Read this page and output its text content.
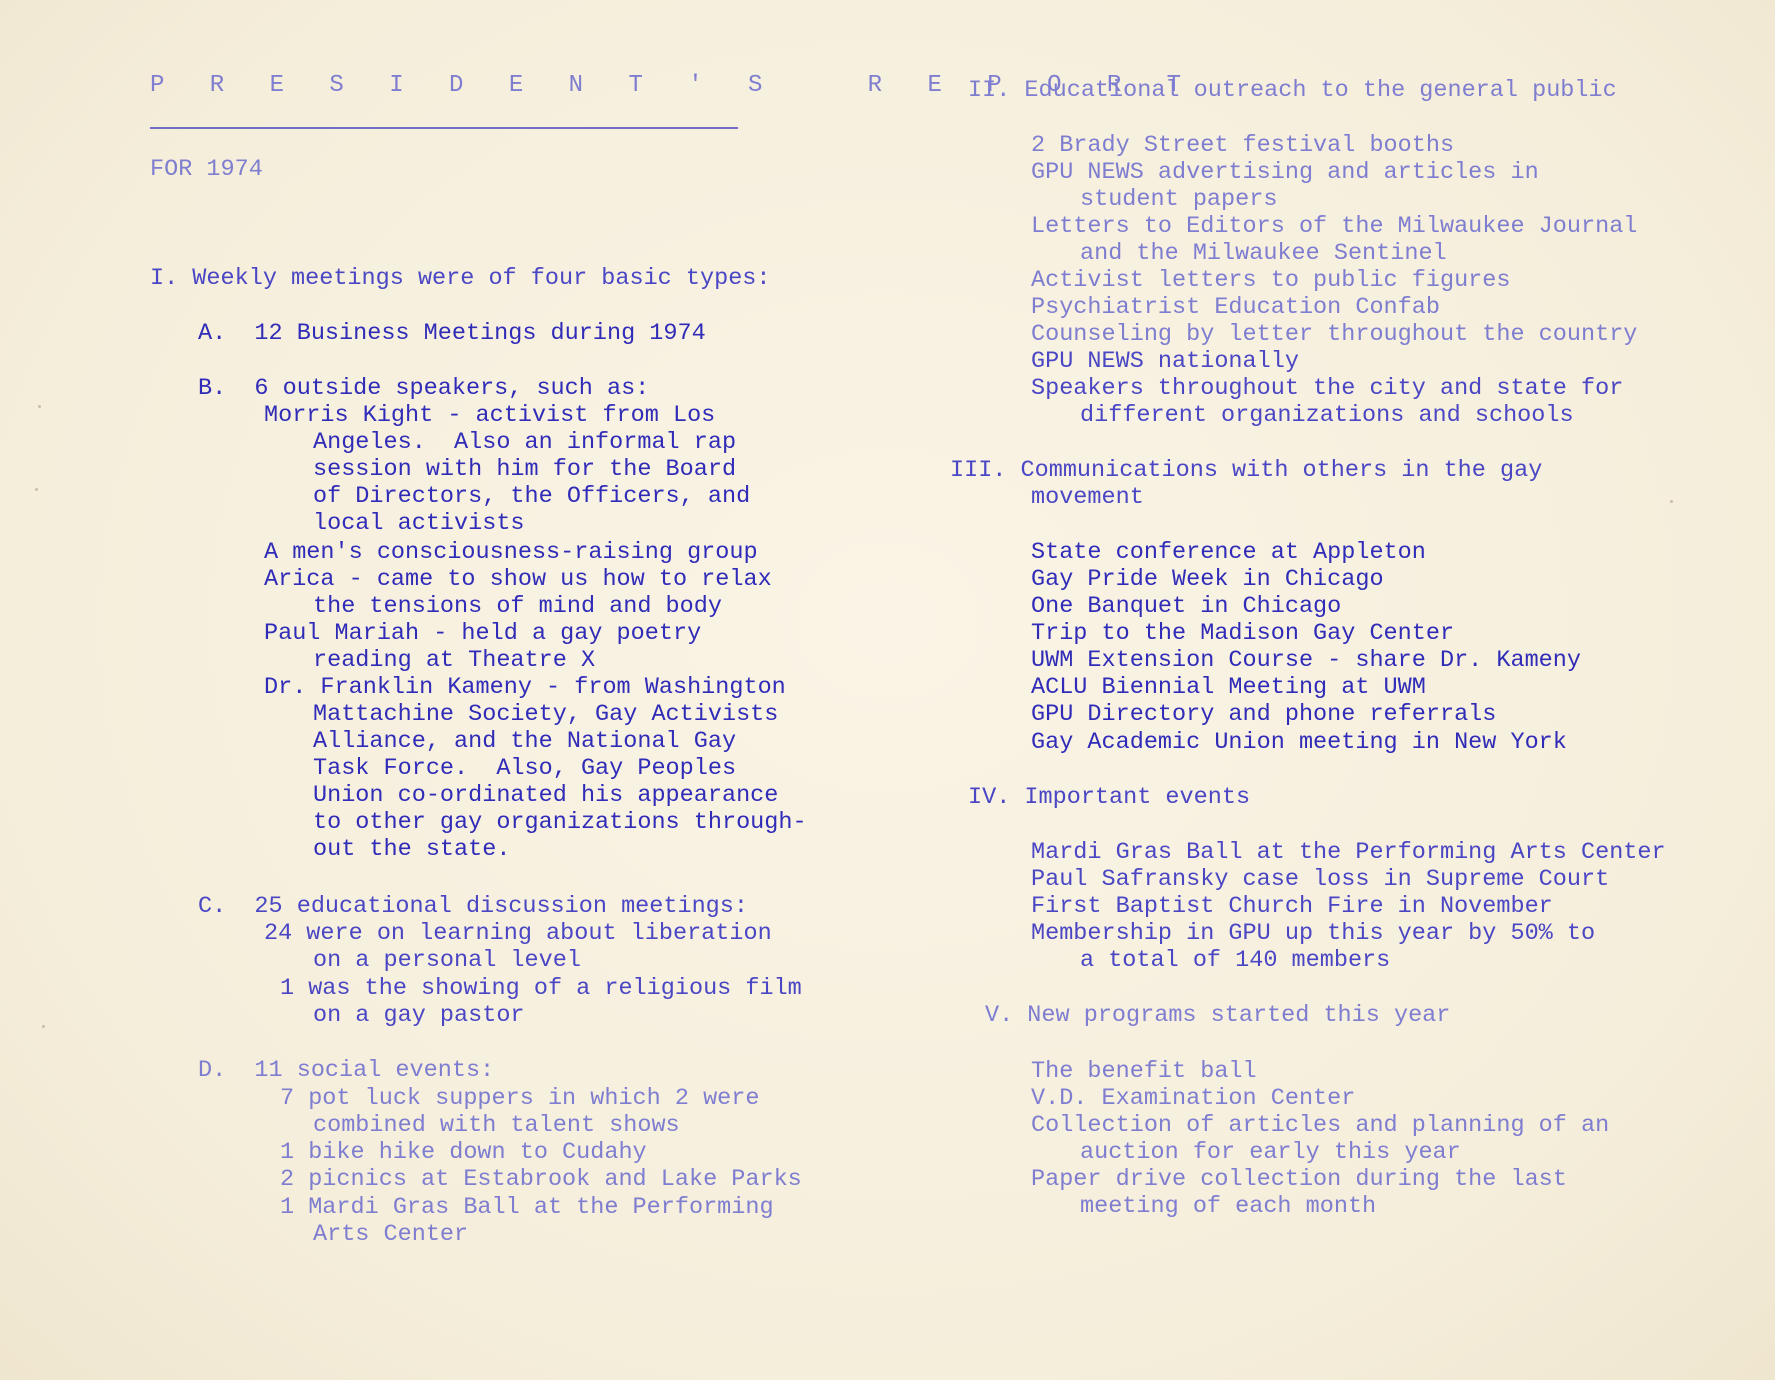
P R E S I D E N T ' S   R E P O R T
FOR 1974
I. Weekly meetings were of four basic types:
A.  12 Business Meetings during 1974
B.  6 outside speakers, such as:
Morris Kight - activist from Los
Angeles.  Also an informal rap
session with him for the Board
of Directors, the Officers, and
local activists
A men's consciousness-raising group
Arica - came to show us how to relax
the tensions of mind and body
Paul Mariah - held a gay poetry
reading at Theatre X
Dr. Franklin Kameny - from Washington
Mattachine Society, Gay Activists
Alliance, and the National Gay
Task Force.  Also, Gay Peoples
Union co-ordinated his appearance
to other gay organizations through-
out the state.
C.  25 educational discussion meetings:
24 were on learning about liberation
on a personal level
1 was the showing of a religious film
on a gay pastor
D.  11 social events:
7 pot luck suppers in which 2 were
combined with talent shows
1 bike hike down to Cudahy
2 picnics at Estabrook and Lake Parks
1 Mardi Gras Ball at the Performing
Arts Center
II. Educational outreach to the general public
2 Brady Street festival booths
GPU NEWS advertising and articles in
student papers
Letters to Editors of the Milwaukee Journal
and the Milwaukee Sentinel
Activist letters to public figures
Psychiatrist Education Confab
Counseling by letter throughout the country
GPU NEWS nationally
Speakers throughout the city and state for
different organizations and schools
III. Communications with others in the gay
movement
State conference at Appleton
Gay Pride Week in Chicago
One Banquet in Chicago
Trip to the Madison Gay Center
UWM Extension Course - share Dr. Kameny
ACLU Biennial Meeting at UWM
GPU Directory and phone referrals
Gay Academic Union meeting in New York
IV. Important events
Mardi Gras Ball at the Performing Arts Center
Paul Safransky case loss in Supreme Court
First Baptist Church Fire in November
Membership in GPU up this year by 50% to
a total of 140 members
V. New programs started this year
The benefit ball
V.D. Examination Center
Collection of articles and planning of an
auction for early this year
Paper drive collection during the last
meeting of each month
